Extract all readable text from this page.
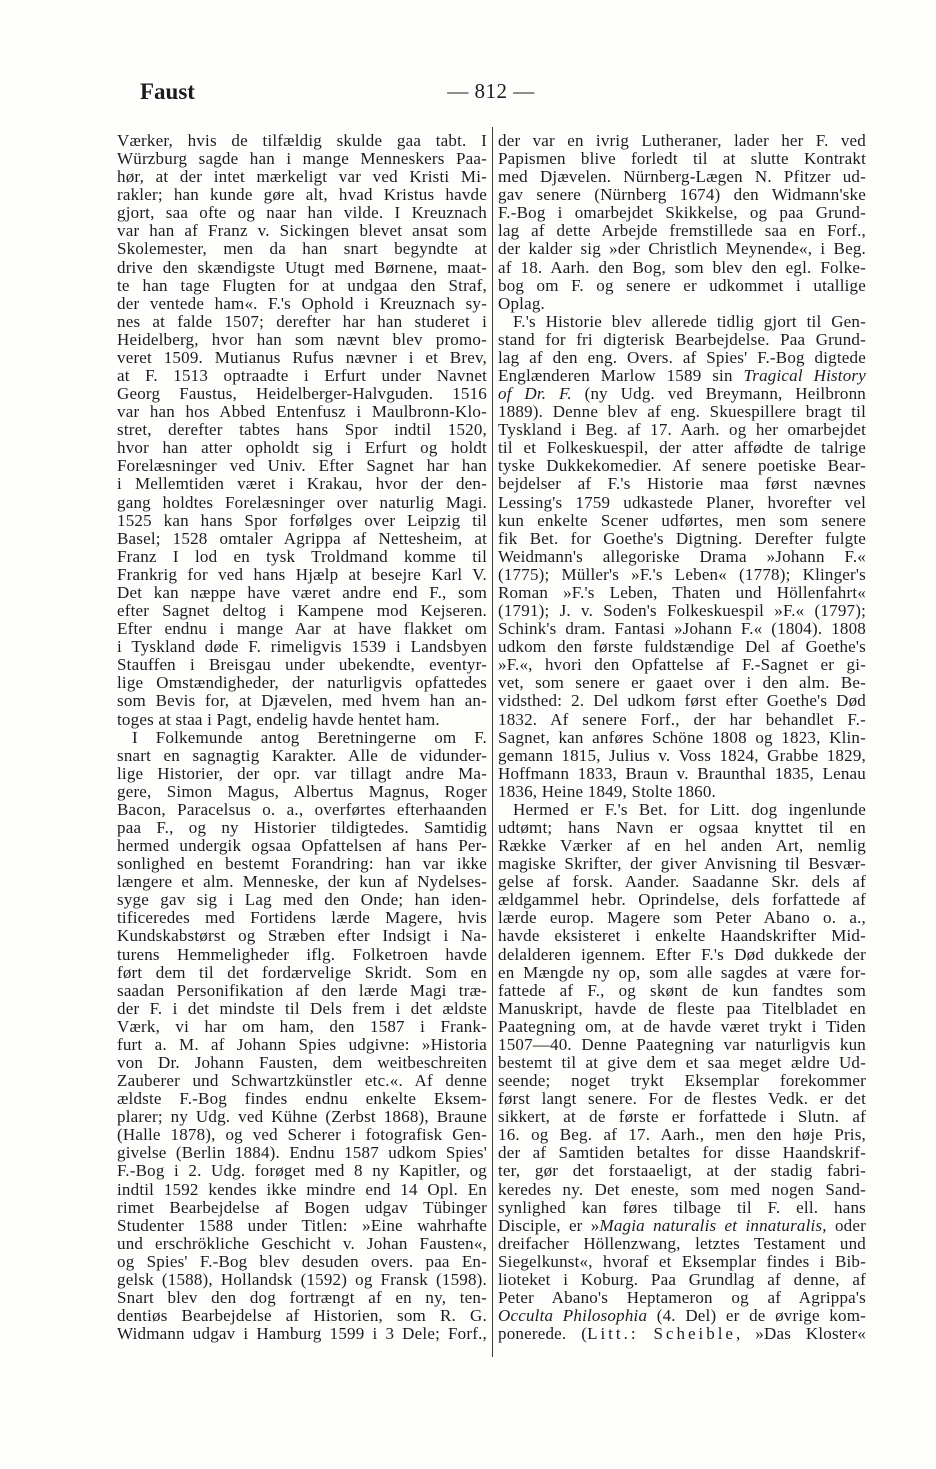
Faust	— 812 —
Værker, hvis de tilfældig skulde gaa tabt. I
Würzburg sagde han i mange Menneskers Paa-
hør, at der intet mærkeligt var ved Kristi Mi-
rakler; han kunde gøre alt, hvad Kristus havde
gjort, saa ofte og naar han vilde. I Kreuznach
var han af Franz v. Sickingen blevet ansat som
Skolemester, men da han snart begyndte at
drive den skændigste Utugt med Børnene, maat-
te han tage Flugten for at undgaa den Straf,
der ventede ham«. F.'s Ophold i Kreuznach sy-
nes at falde 1507; derefter har han studeret i
Heidelberg, hvor han som nævnt blev promo-
veret 1509. Mutianus Rufus nævner i et Brev,
at F. 1513 optraadte i Erfurt under Navnet
Georg Faustus, Heidelberger-Halvguden. 1516
var han hos Abbed Entenfusz i Maulbronn-Klo-
stret, derefter tabtes hans Spor indtil 1520,
hvor han atter opholdt sig i Erfurt og holdt
Forelæsninger ved Univ. Efter Sagnet har han
i Mellemtiden været i Krakau, hvor der den-
gang holdtes Forelæsninger over naturlig Magi.
1525 kan hans Spor forfølges over Leipzig til
Basel; 1528 omtaler Agrippa af Nettesheim, at
Franz I lod en tysk Troldmand komme til
Frankrig for ved hans Hjælp at besejre Karl V.
Det kan næppe have været andre end F., som
efter Sagnet deltog i Kampene mod Kejseren.
Efter endnu i mange Aar at have flakket om
i Tyskland døde F. rimeligvis 1539 i Landsbyen
Stauffen i Breisgau under ubekendte, eventyr-
lige Omstændigheder, der naturligvis opfattedes
som Bevis for, at Djævelen, med hvem han an-
toges at staa i Pagt, endelig havde hentet ham.
I Folkemunde antog Beretningerne om F.
snart en sagnagtig Karakter. Alle de vidunder-
lige Historier, der opr. var tillagt andre Ma-
gere, Simon Magus, Albertus Magnus, Roger
Bacon, Paracelsus o. a., overførtes efterhaanden
paa F., og ny Historier tildigtedes. Samtidig
hermed undergik ogsaa Opfattelsen af hans Per-
sonlighed en bestemt Forandring: han var ikke
længere et alm. Menneske, der kun af Nydelses-
syge gav sig i Lag med den Onde; han iden-
tificeredes med Fortidens lærde Magere, hvis
Kundskabstørst og Stræben efter Indsigt i Na-
turens Hemmeligheder iflg. Folketroen havde
ført dem til det fordærvelige Skridt. Som en
saadan Personifikation af den lærde Magi træ-
der F. i det mindste til Dels frem i det ældste
Værk, vi har om ham, den 1587 i Frank-
furt a. M. af Johann Spies udgivne: »Historia
von Dr. Johann Fausten, dem weitbeschreiten
Zauberer und Schwartzkünstler etc.«. Af denne
ældste F.-Bog findes endnu enkelte Eksem-
plarer; ny Udg. ved Kühne (Zerbst 1868), Braune
(Halle 1878), og ved Scherer i fotografisk Gen-
givelse (Berlin 1884). Endnu 1587 udkom Spies'
F.-Bog i 2. Udg. forøget med 8 ny Kapitler, og
indtil 1592 kendes ikke mindre end 14 Opl. En
rimet Bearbejdelse af Bogen udgav Tübinger
Studenter 1588 under Titlen: »Eine wahrhafte
und erschrökliche Geschicht v. Johan Fausten«,
og Spies' F.-Bog blev desuden overs. paa En-
gelsk (1588), Hollandsk (1592) og Fransk (1598).
Snart blev den dog fortrængt af en ny, ten-
dentiøs Bearbejdelse af Historien, som R. G.
Widmann udgav i Hamburg 1599 i 3 Dele; Forf.,
der var en ivrig Lutheraner, lader her F. ved
Papismen blive forledt til at slutte Kontrakt
med Djævelen. Nürnberg-Lægen N. Pfitzer ud-
gav senere (Nürnberg 1674) den Widmann'ske
F.-Bog i omarbejdet Skikkelse, og paa Grund-
lag af dette Arbejde fremstillede saa en Forf.,
der kalder sig »der Christlich Meynende«, i Beg.
af 18. Aarh. den Bog, som blev den egl. Folke-
bog om F. og senere er udkommet i utallige
Oplag.
F.'s Historie blev allerede tidlig gjort til Gen-
stand for fri digterisk Bearbejdelse. Paa Grund-
lag af den eng. Overs. af Spies' F.-Bog digtede
Englænderen Marlow 1589 sin Tragical History
of Dr. F. (ny Udg. ved Breymann, Heilbronn
1889). Denne blev af eng. Skuespillere bragt til
Tyskland i Beg. af 17. Aarh. og her omarbejdet
til et Folkeskuespil, der atter affødte de talrige
tyske Dukkekomedier. Af senere poetiske Bear-
bejdelser af F.'s Historie maa først nævnes
Lessing's 1759 udkastede Planer, hvorefter vel
kun enkelte Scener udførtes, men som senere
fik Bet. for Goethe's Digtning. Derefter fulgte
Weidmann's allegoriske Drama »Johann F.«
(1775); Müller's »F.'s Leben« (1778); Klinger's
Roman »F.'s Leben, Thaten und Höllenfahrt«
(1791); J. v. Soden's Folkeskuespil »F.« (1797);
Schink's dram. Fantasi »Johann F.« (1804). 1808
udkom den første fuldstændige Del af Goethe's
»F.«, hvori den Opfattelse af F.-Sagnet er gi-
vet, som senere er gaaet over i den alm. Be-
vidsthed: 2. Del udkom først efter Goethe's Død
1832. Af senere Forf., der har behandlet F.-
Sagnet, kan anføres Schöne 1808 og 1823, Klin-
gemann 1815, Julius v. Voss 1824, Grabbe 1829,
Hoffmann 1833, Braun v. Braunthal 1835, Lenau
1836, Heine 1849, Stolte 1860.
Hermed er F.'s Bet. for Litt. dog ingenlunde
udtømt; hans Navn er ogsaa knyttet til en
Række Værker af en hel anden Art, nemlig
magiske Skrifter, der giver Anvisning til Besvær-
gelse af forsk. Aander. Saadanne Skr. dels af
ældgammel hebr. Oprindelse, dels forfattede af
lærde europ. Magere som Peter Abano o. a.,
havde eksisteret i enkelte Haandskrifter Mid-
delalderen igennem. Efter F.'s Død dukkede der
en Mængde ny op, som alle sagdes at være for-
fattede af F., og skønt de kun fandtes som
Manuskript, havde de fleste paa Titelbladet en
Paategning om, at de havde været trykt i Tiden
1507—40. Denne Paategning var naturligvis kun
bestemt til at give dem et saa meget ældre Ud-
seende; noget trykt Eksemplar forekommer
først langt senere. For de flestes Vedk. er det
sikkert, at de første er forfattede i Slutn. af
16. og Beg. af 17. Aarh., men den høje Pris,
der af Samtiden betaltes for disse Haandskrif-
ter, gør det forstaaeligt, at der stadig fabri-
keredes ny. Det eneste, som med nogen Sand-
synlighed kan føres tilbage til F. ell. hans
Disciple, er »Magia naturalis et innaturalis, oder
dreifacher Höllenzwang, letztes Testament und
Siegelkunst«, hvoraf et Eksemplar findes i Bib-
lioteket i Koburg. Paa Grundlag af denne, af
Peter Abano's Heptameron og af Agrippa's
Occulta Philosophia (4. Del) er de øvrige kom-
ponerede. (Litt.: Scheible, »Das Kloster«
